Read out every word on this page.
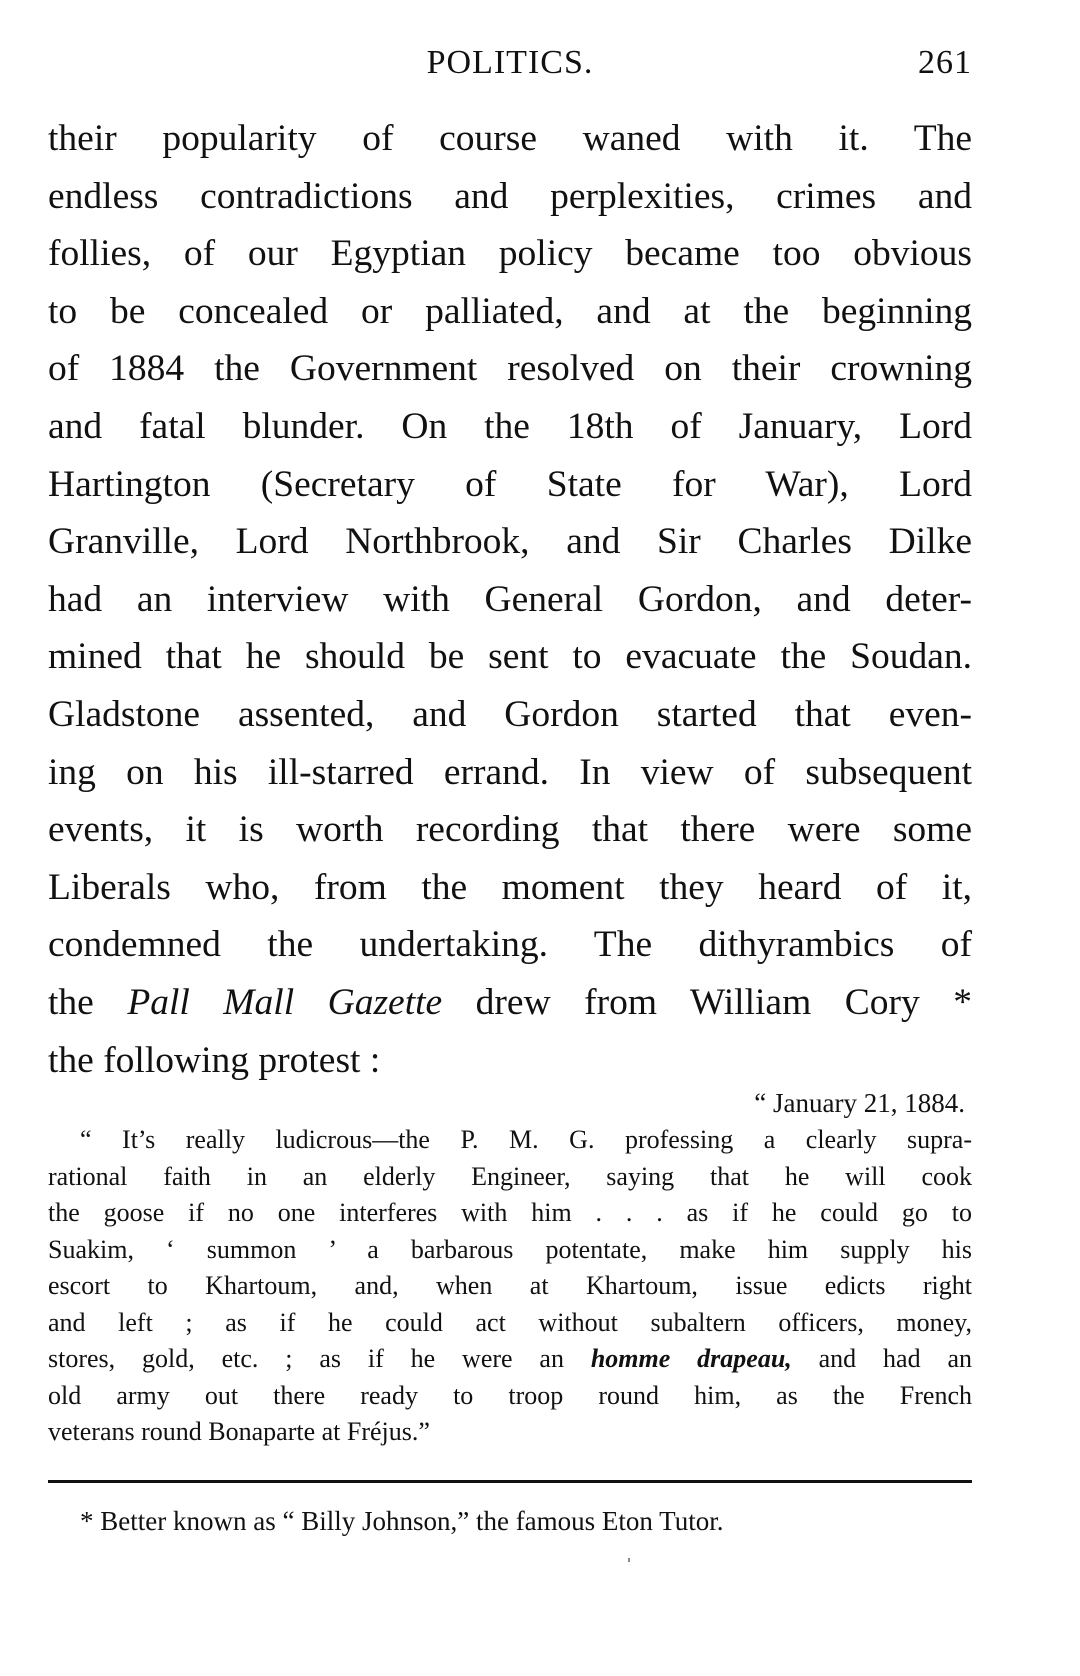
POLITICS.	261
their popularity of course waned with it. The
endless contradictions and perplexities, crimes and
follies, of our Egyptian policy became too obvious
to be concealed or palliated, and at the beginning
of 1884 the Government resolved on their crowning
and fatal blunder. On the 18th of January, Lord
Hartington (Secretary of State for War), Lord
Granville, Lord Northbrook, and Sir Charles Dilke
had an interview with General Gordon, and deter-
mined that he should be sent to evacuate the Soudan.
Gladstone assented, and Gordon started that even-
ing on his ill-starred errand. In view of subsequent
events, it is worth recording that there were some
Liberals who, from the moment they heard of it,
condemned the undertaking. The dithyrambics of
the Pall Mall Gazette drew from William Cory *
the following protest :
“ January 21, 1884.
“ It’s really ludicrous—the P. M. G. professing a clearly supra-
rational faith in an elderly Engineer, saying that he will cook
the goose if no one interferes with him . . . as if he could go to
Suakim, ‘ summon ’ a barbarous potentate, make him supply his
escort to Khartoum, and, when at Khartoum, issue edicts right
and left ; as if he could act without subaltern officers, money,
stores, gold, etc. ; as if he were an homme drapeau, and had an
old army out there ready to troop round him, as the French
veterans round Bonaparte at Fréjus.”
* Better known as “ Billy Johnson,” the famous Eton Tutor.
